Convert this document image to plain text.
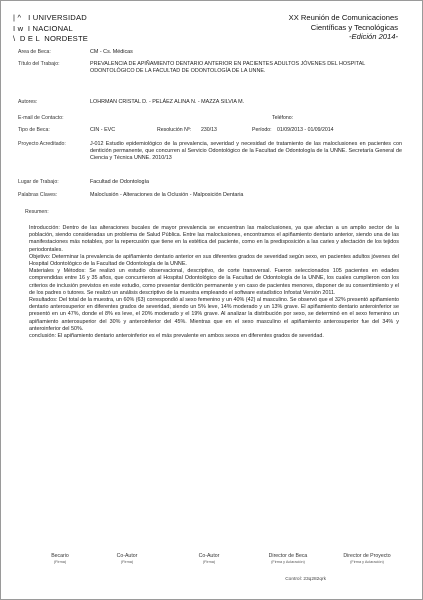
| ^   I UNIVERSIDAD
I w  I NACIONAL
\  D E L  NORDESTE
XX Reunión de Comunicaciones
Científicas y Tecnológicas
-Edición 2014-
Area de Beca:	CM - Cs. Médicas
Título del Trabajo:	PREVALENCIA DE APIÑAMIENTO DENTARIO ANTERIOR EN PACIENTES ADULTOS JÓVENES DEL HOSPITAL ODONTOLÓGICO DE LA FACULTAD DE ODONTOLOGÍA DE LA UNNE.
Autores:	LOHRMAN CRISTAL D. - PELÁEZ ALINA N. - MAZZA SILVIA M.
E-mail de Contacto:	Teléfono:
Tipo de Beca:	CIN - EVC	Resolución Nº: 230/13	Período: 01/09/2013 - 01/09/2014
Proyecto Acreditado:	J-012 Estudio epidemiológico de la prevalencia, severidad y necesidad de tratamiento de las maloclusiones en pacientes con dentición permanente, que concurren al Servicio Odontológico de la Facultad de Odontología de la UNNE. Secretaría General de Ciencia y Técnica UNNE. 2010/13
Lugar de Trabajo:	Facultad de Odontología
Palabras Claves:	Maloclusión - Alteraciones de la Oclusión - Malposición Dentaria
Resumen:

Introducción: Dentro de las alteraciones bucales de mayor prevalencia se encuentran las maloclusiones, ya que afectan a un amplio sector de la población, siendo consideradas un problema de Salud Pública. Entre las maloclusiones, encontramos el apiñamiento dentario anterior, siendo una de las manifestaciones más notables, por la repercusión que tiene en la estética del paciente, como en la predisposición a las caries y afectación de los tejidos periodontales.

Objetivo: Determinar la prevalencia de apiñamiento dentario anterior en sus diferentes grados de severidad según sexo, en pacientes adultos jóvenes del Hospital Odontológico de la Facultad de Odontología de la UNNE.

Materiales y Métodos: Se realizó un estudio observacional, descriptivo, de corte transversal. Fueron seleccionados 105 pacientes en edades comprendidas entre 16 y 35 años, que concurrieron al Hospital Odontológico de la Facultad de Odontología de la UNNE, los cuales cumplieron con los criterios de inclusión previstos en este estudio, como presentar dentición permanente y en caso de pacientes menores, disponer de su consentimiento y el de los padres o tutores. Se realizó un análisis descriptivo de la muestra empleando el software estadístico Infostat Versión 2011.

Resultados: Del total de la muestra, un 60% (63) correspondió al sexo femenino y un 40% (42) al masculino. Se observó que el 32% presentó apiñamiento dentario anterosuperior en diferentes grados de severidad, siendo un 5% leve, 14% moderado y un 13% grave. El apiñamiento dentario anteroinferior se presentó en un 47%, donde el 8% es leve, el 20% moderado y el 19% grave. Al analizar la distribución por sexo, se determinó en el sexo femenino un apiñamiento anterosuperior del 30% y anteroinferior del 45%. Mientras que en el sexo masculino el apiñamiento anterosuperior fue del 34% y anteroinferior del 50%.

conclusión: El apiñamiento dentario anteroinferior es el más prevalente en ambos sexos en diferentes grados de severidad.

Becario
(Firma)
Co-Autor
(Firma)
Co-Autor
(Firma)
Director de Beca
(Firma y Aclaración)
Director de Proyecto
(Firma y Aclaración)
Control: 23q282qrk
